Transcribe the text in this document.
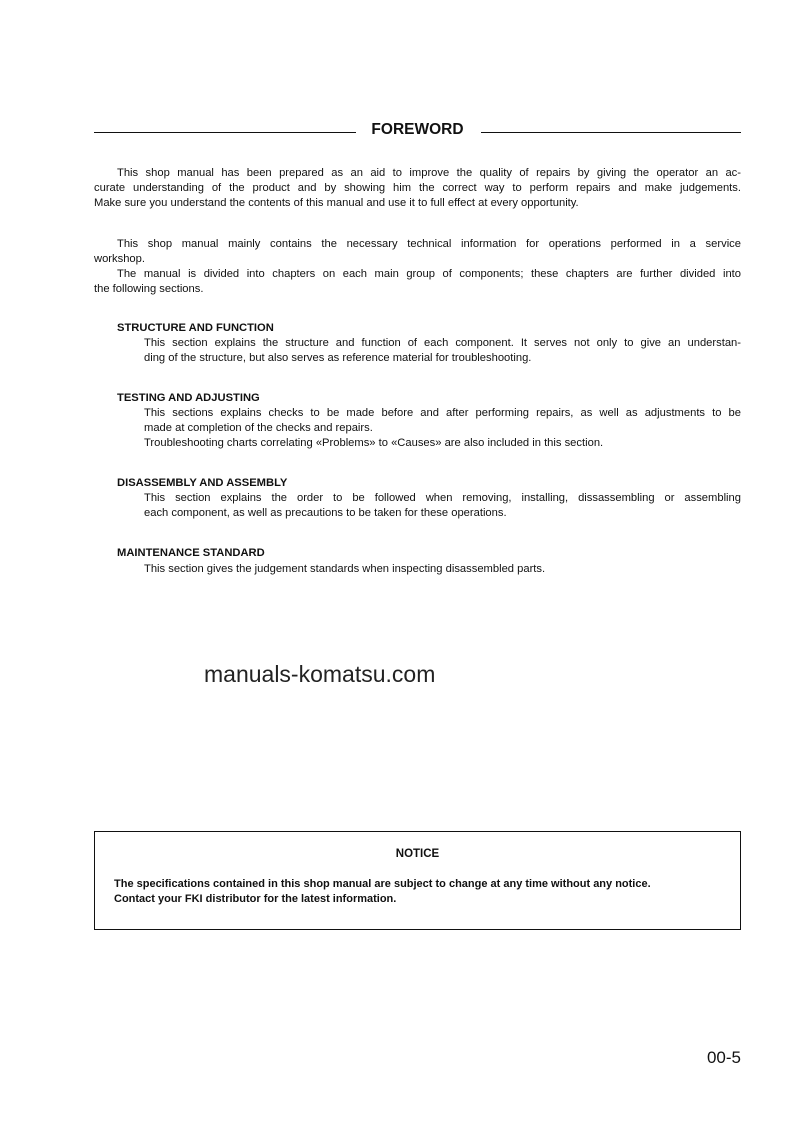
FOREWORD
This shop manual has been prepared as an aid to improve the quality of repairs by giving the operator an ac-
curate understanding of the product and by showing him the correct way to perform repairs and make judgements.
Make sure you understand the contents of this manual and use it to full effect at every opportunity.
This shop manual mainly contains the necessary technical information for operations performed in a service
workshop.
The manual is divided into chapters on each main group of components; these chapters are further divided into
the following sections.
STRUCTURE AND FUNCTION
This section explains the structure and function of each component. It serves not only to give an understan-
ding of the structure, but also serves as reference material for troubleshooting.
TESTING AND ADJUSTING
This sections explains checks to be made before and after performing repairs, as well as adjustments to be
made at completion of the checks and repairs.
Troubleshooting charts correlating «Problems» to «Causes» are also included in this section.
DISASSEMBLY AND ASSEMBLY
This section explains the order to be followed when removing, installing, dissassembling or assembling
each component, as well as precautions to be taken for these operations.
MAINTENANCE STANDARD
This section gives the judgement standards when inspecting disassembled parts.
manuals-komatsu.com
NOTICE
The specifications contained in this shop manual are subject to change at any time without any notice.
Contact your FKI distributor for the latest information.
00-5
